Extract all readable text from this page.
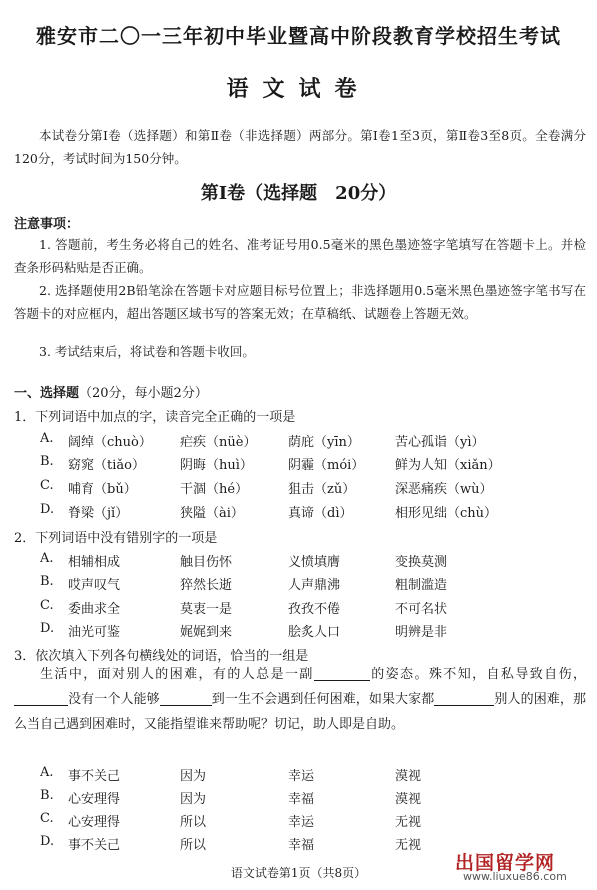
雅安市二〇一三年初中毕业暨高中阶段教育学校招生考试
语文试卷
本试卷分第Ⅰ卷（选择题）和第Ⅱ卷（非选择题）两部分。第Ⅰ卷1至3页，第Ⅱ卷3至8页。全卷满分120分，考试时间为150分钟。
第Ⅰ卷（选择题　20分）
注意事项：
1. 答题前，考生务必将自己的姓名、准考证号用0.5毫米的黑色墨迹签字笔填写在答题卡上。并检查条形码粘贴是否正确。
2. 选择题使用2B铅笔涂在答题卡对应题目标号位置上；非选择题用0.5毫米黑色墨迹签字笔书写在答题卡的对应框内，超出答题区域书写的答案无效；在草稿纸、试题卷上答题无效。
3. 考试结束后，将试卷和答题卡收回。
一、选择题（20分，每小题2分）
1．下列词语中加点的字，读音完全正确的一项是
A. 阔绰（chuò） 疟疾（nüè） 荫庇（yīn）	苦心孤诣（yì）
B. 窈窕（tiǎo）	阴晦（huì）	阴霾（mói） 鲜为人知（xiǎn）
C. 哺育（bǔ）	干涸（hé）	狙击（zǔ）	深恶痛疾（wù）
D. 脊梁（jǐ）	狭隘（ài）	真谛（dì）	相形见绌（chù）
2．下列词语中没有错别字的一项是
A. 相辅相成	触目伤怀	义愤填膺	变换莫测
B. 哎声叹气	猝然长逝	人声鼎沸	粗制滥造
C. 委曲求全	莫衷一是	孜孜不倦	不可名状
D. 油光可鉴	娓娓到来	脍炙人口	明辨是非
3．依次填入下列各句横线处的词语，恰当的一组是
生活中，面对别人的困难，有的人总是一副	的姿态。殊不知，自私导致自伤，没有一个人能够	到一生不会遇到任何困难，如果大家都	别人的困难，那么当自己遇到困难时，又能指望谁来帮助呢？切记，助人即是自助。
A. 事不关己	因为	幸运	漠视
B. 心安理得	因为	幸福	漠视
C. 心安理得	所以	幸运	无视
D. 事不关己	所以	幸福	无视
语文试卷第1页（共8页）	出国留学网
www.liuxue86.com
